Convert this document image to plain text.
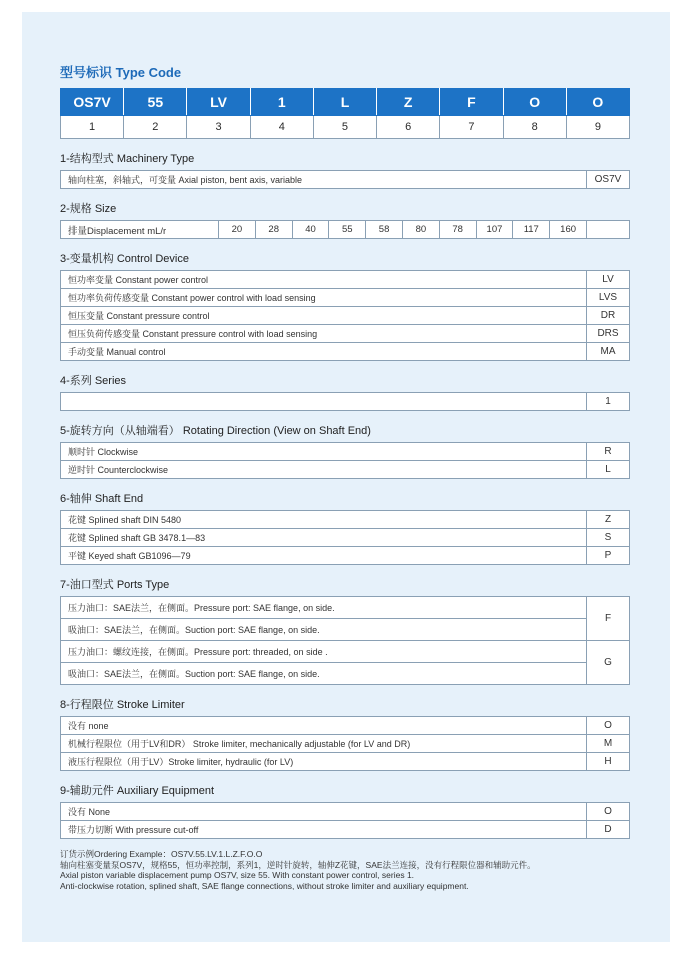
型号标识 Type Code
OS7V	55	LV	1	L	Z	F	O	O
1	2	3	4	5	6	7	8	9
1-结构型式 Machinery Type
轴向柱塞，斜轴式，可变量 Axial piston, bent axis, variable	OS7V
2-规格 Size
排量Displacement mL/r	20	28	40	55	58	80	78	107	117	160	
3-变量机构 Control Device
恒功率变量 Constant power control	LV
恒功率负荷传感变量 Constant power control with load sensing	LVS
恒压变量 Constant pressure control	DR
恒压负荷传感变量 Constant pressure control with load sensing	DRS
手动变量 Manual control	MA
4-系列 Series
	1
5-旋转方向（从轴端看） Rotating Direction (View on Shaft End)
顺时针 Clockwise	R
逆时针 Counterclockwise	L
6-轴伸 Shaft End
花键 Splined shaft DIN 5480	Z
花键 Splined shaft GB 3478.1—83	S
平键 Keyed shaft GB1096—79	P
7-油口型式 Ports Type
压力油口：SAE法兰，在侧面。Pressure port: SAE flange, on side.	F
吸油口：SAE法兰，在侧面。Suction port: SAE flange, on side.	
压力油口：螺纹连接，在侧面。Pressure port: threaded, on side .	G
吸油口：SAE法兰，在侧面。Suction port: SAE flange, on side.	
8-行程限位 Stroke Limiter
没有 none	O
机械行程限位（用于LV和DR） Stroke limiter, mechanically adjustable (for LV and DR)	M
液压行程限位（用于LV）Stroke limiter, hydraulic (for LV)	H
9-辅助元件 Auxiliary Equipment
没有 None	O
带压力切断 With pressure cut-off	D
订货示例Ordering Example：OS7V.55.LV.1.L.Z.F.O.O
轴向柱塞变量泵OS7V，规格55，恒功率控制，系列1，逆时针旋转，轴伸Z花键，SAE法兰连接，没有行程限位器和辅助元件。
Axial piston variable displacement pump OS7V, size 55. With constant power control, series 1.
Anti-clockwise rotation, splined shaft, SAE flange connections, without stroke limiter and auxiliary equipment.
